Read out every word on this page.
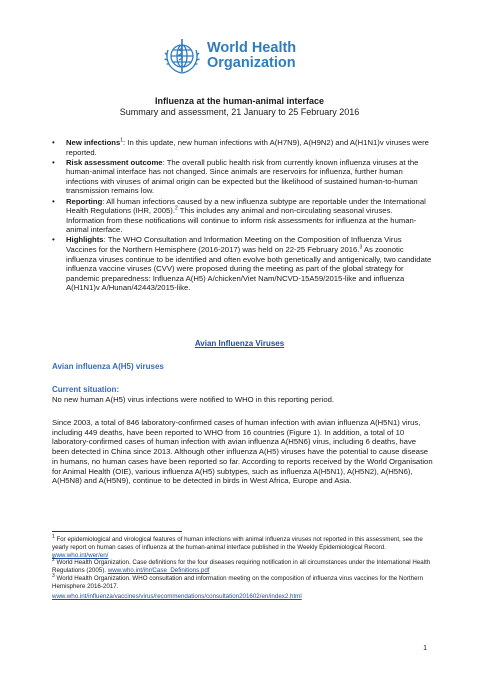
World Health
Organization
Influenza at the human-animal interface
Summary and assessment, 21 January to 25 February 2016
• New infections$^1$: In this update, new human infections with A(H7N9), A(H9N2) and A(H1N1)v viruses were reported.
• Risk assessment outcome: The overall public health risk from currently known influenza viruses at the human-animal interface has not changed. Since animals are reservoirs for influenza, further human infections with viruses of animal origin can be expected but the likelihood of sustained human-to-human transmission remains low.
• Reporting: All human infections caused by a new influenza subtype are reportable under the International Health Regulations (IHR, 2005).$^2$ This includes any animal and non-circulating seasonal viruses. Information from these notifications will continue to inform risk assessments for influenza at the human-animal interface.
• Highlights: The WHO Consultation and Information Meeting on the Composition of Influenza Virus Vaccines for the Northern Hemisphere (2016-2017) was held on 22-25 February 2016.$^3$ As zoonotic influenza viruses continue to be identified and often evolve both genetically and antigenically, two candidate influenza vaccine viruses (CVV) were proposed during the meeting as part of the global strategy for pandemic preparedness: Influenza A(H5) A/chicken/Viet Nam/NCVD-15A59/2015-like and influenza A(H1N1)v A/Hunan/42443/2015-like.
Avian Influenza Viruses
Avian influenza A(H5) viruses
Current situation:

No new human A(H5) virus infections were notified to WHO in this reporting period.

Since 2003, a total of 846 laboratory-confirmed cases of human infection with avian influenza A(H5N1) virus, including 449 deaths, have been reported to WHO from 16 countries (Figure 1). In addition, a total of 10 laboratory-confirmed cases of human infection with avian influenza A(H5N6) virus, including 6 deaths, have been detected in China since 2013. Although other influenza A(H5) viruses have the potential to cause disease in humans, no human cases have been reported so far. According to reports received by the World Organisation for Animal Health (OIE), various influenza A(H5) subtypes, such as influenza A(H5N1), A(H5N2), A(H5N6), A(H5N8) and A(H5N9), continue to be detected in birds in West Africa, Europe and Asia.

$^1$ For epidemiological and virological features of human infections with animal influenza viruses not reported in this assessment, see the yearly report on human cases of influenza at the human-animal interface published in the Weekly Epidemiological Record. www.who.int/wer/en/

$^2$ World Health Organization. Case definitions for the four diseases requiring notification in all circumstances under the International Health Regulations (2005). www.who.int/ihr/Case_Definitions.pdf

$^3$ World Health Organization. WHO consultation and information meeting on the composition of influenza virus vaccines for the Northern Hemisphere 2016-2017.

www.who.int/influenza/vaccines/virus/recommendations/consultation201602/en/index2.html

1
